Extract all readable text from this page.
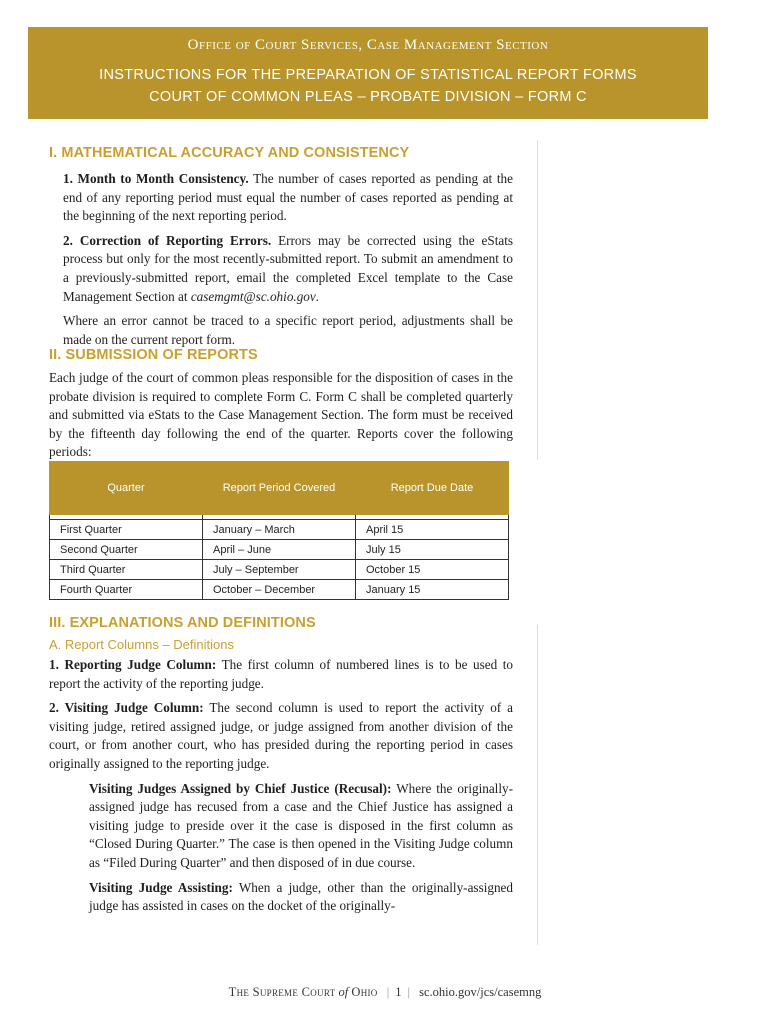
Office of Court Services, Case Management Section
INSTRUCTIONS FOR THE PREPARATION OF STATISTICAL REPORT FORMS
COURT OF COMMON PLEAS – PROBATE DIVISION – FORM C
I. MATHEMATICAL ACCURACY AND CONSISTENCY

1. Month to Month Consistency. The number of cases reported as pending at the end of any reporting period must equal the number of cases reported as pending at the beginning of the next reporting period.

2. Correction of Reporting Errors. Errors may be corrected using the eStats process but only for the most recently-submitted report. To submit an amendment to a previously-submitted report, email the completed Excel template to the Case Management Section at casemgmt@sc.ohio.gov.

Where an error cannot be traced to a specific report period, adjustments shall be made on the current report form.

II. SUBMISSION OF REPORTS

Each judge of the court of common pleas responsible for the disposition of cases in the probate division is required to complete Form C. Form C shall be completed quarterly and submitted via eStats to the Case Management Section. The form must be received by the fifteenth day following the end of the quarter. Reports cover the following periods:

Quarter	Report Period Covered	Report Due Date

First Quarter	January – March	April 15
Second Quarter	April – June	July 15
Third Quarter	July – September	October 15
Fourth Quarter	October – December	January 15
III. EXPLANATIONS AND DEFINITIONS
A. Report Columns – Definitions

1. Reporting Judge Column: The first column of numbered lines is to be used to report the activity of the reporting judge.

2. Visiting Judge Column: The second column is used to report the activity of a visiting judge, retired assigned judge, or judge assigned from another division of the court, or from another court, who has presided during the reporting period in cases originally assigned to the reporting judge.

Visiting Judges Assigned by Chief Justice (Recusal): Where the originally-assigned judge has recused from a case and the Chief Justice has assigned a visiting judge to preside over it the case is disposed in the first column as “Closed During Quarter.” The case is then opened in the Visiting Judge column as “Filed During Quarter” and then disposed of in due course.

Visiting Judge Assisting: When a judge, other than the originally-assigned judge has assisted in cases on the docket of the originally-

The Supreme Court of Ohio | 1 | sc.ohio.gov/jcs/casemng
